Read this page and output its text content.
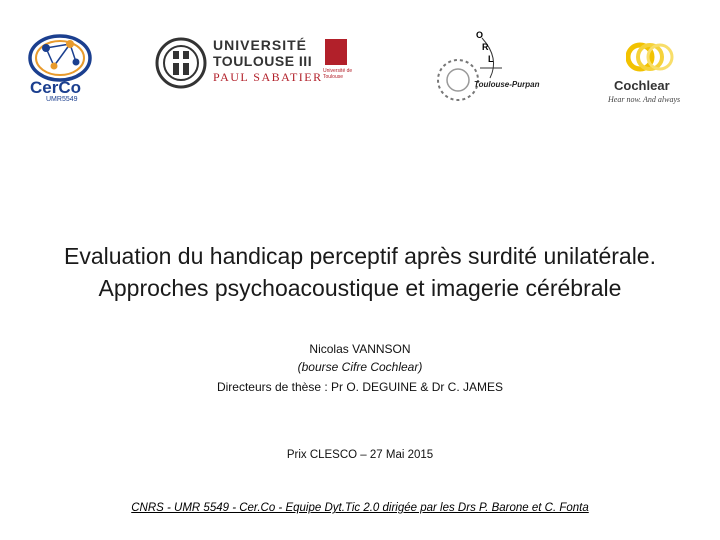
CerCo
UMR5549
UNIVERSITÉ
TOULOUSE III
PAUL SABATIER Université de Toulouse
O
R
L
Toulouse-Purpan	Cochlear
Hear now. And always
Evaluation du handicap perceptif après surdité unilatérale.
Approches psychoacoustique et imagerie cérébrale
Nicolas VANNSON
(bourse Cifre Cochlear)
Directeurs de thèse : Pr O. DEGUINE & Dr C. JAMES
Prix CLESCO – 27 Mai 2015
CNRS - UMR 5549 - Cer.Co - Equipe Dyt.Tic 2.0 dirigée par les Drs P. Barone et C. Fonta
